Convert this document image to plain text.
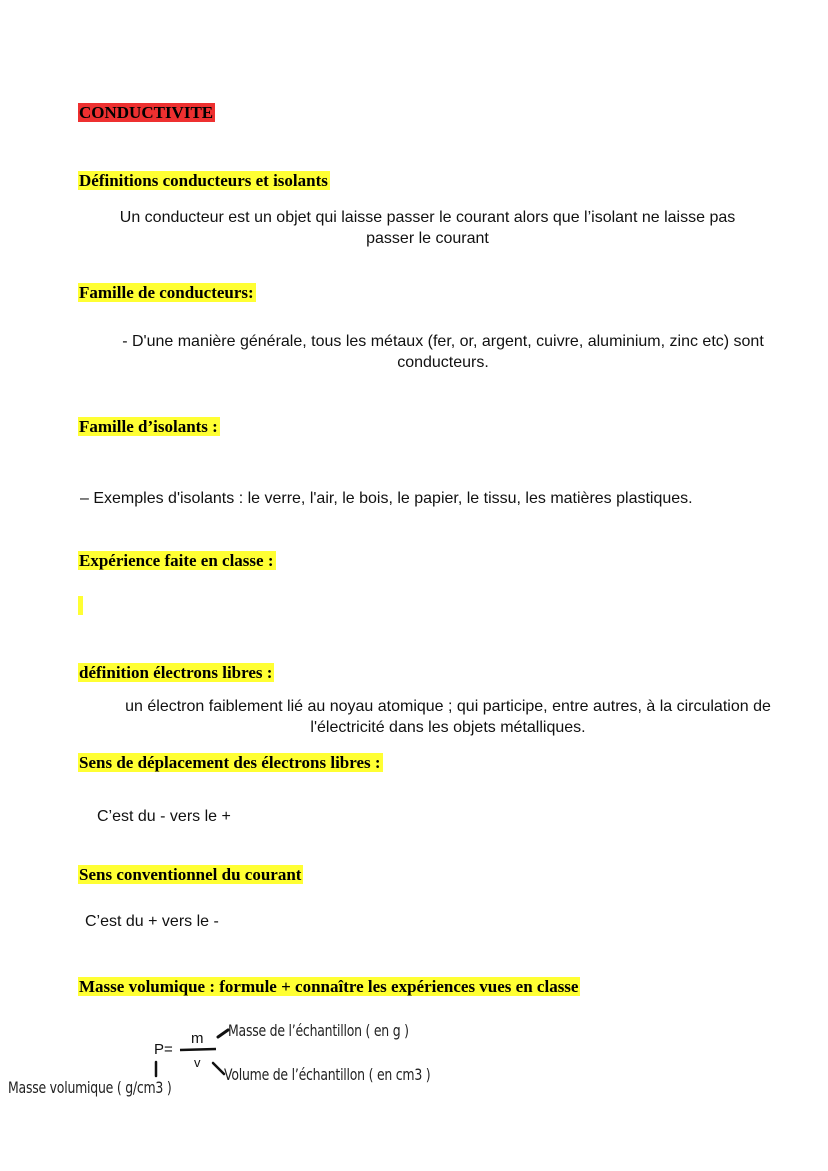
CONDUCTIVITE
Définitions conducteurs et isolants
Un conducteur est un objet qui laisse passer le courant alors que l’isolant ne laisse pas
passer le courant
Famille de conducteurs:
- D'une manière générale, tous les métaux (fer, or, argent, cuivre, aluminium, zinc etc) sont
conducteurs.
Famille d’isolants :
– Exemples d'isolants : le verre, l'air, le bois, le papier, le tissu, les matières plastiques.
Expérience faite en classe :
définition électrons libres :
un électron faiblement lié au noyau atomique ; qui participe, entre autres, à la circulation de
l'électricité dans les objets métalliques.
Sens de déplacement des électrons libres :
C’est du - vers le +
Sens conventionnel du courant
C’est du + vers le -
Masse volumique : formule + connaître les expériences vues en classe
P=
m
v
Masse de l’échantillon ( en g )
Volume de l’échantillon ( en cm3 )
Masse volumique ( g/cm3 )
